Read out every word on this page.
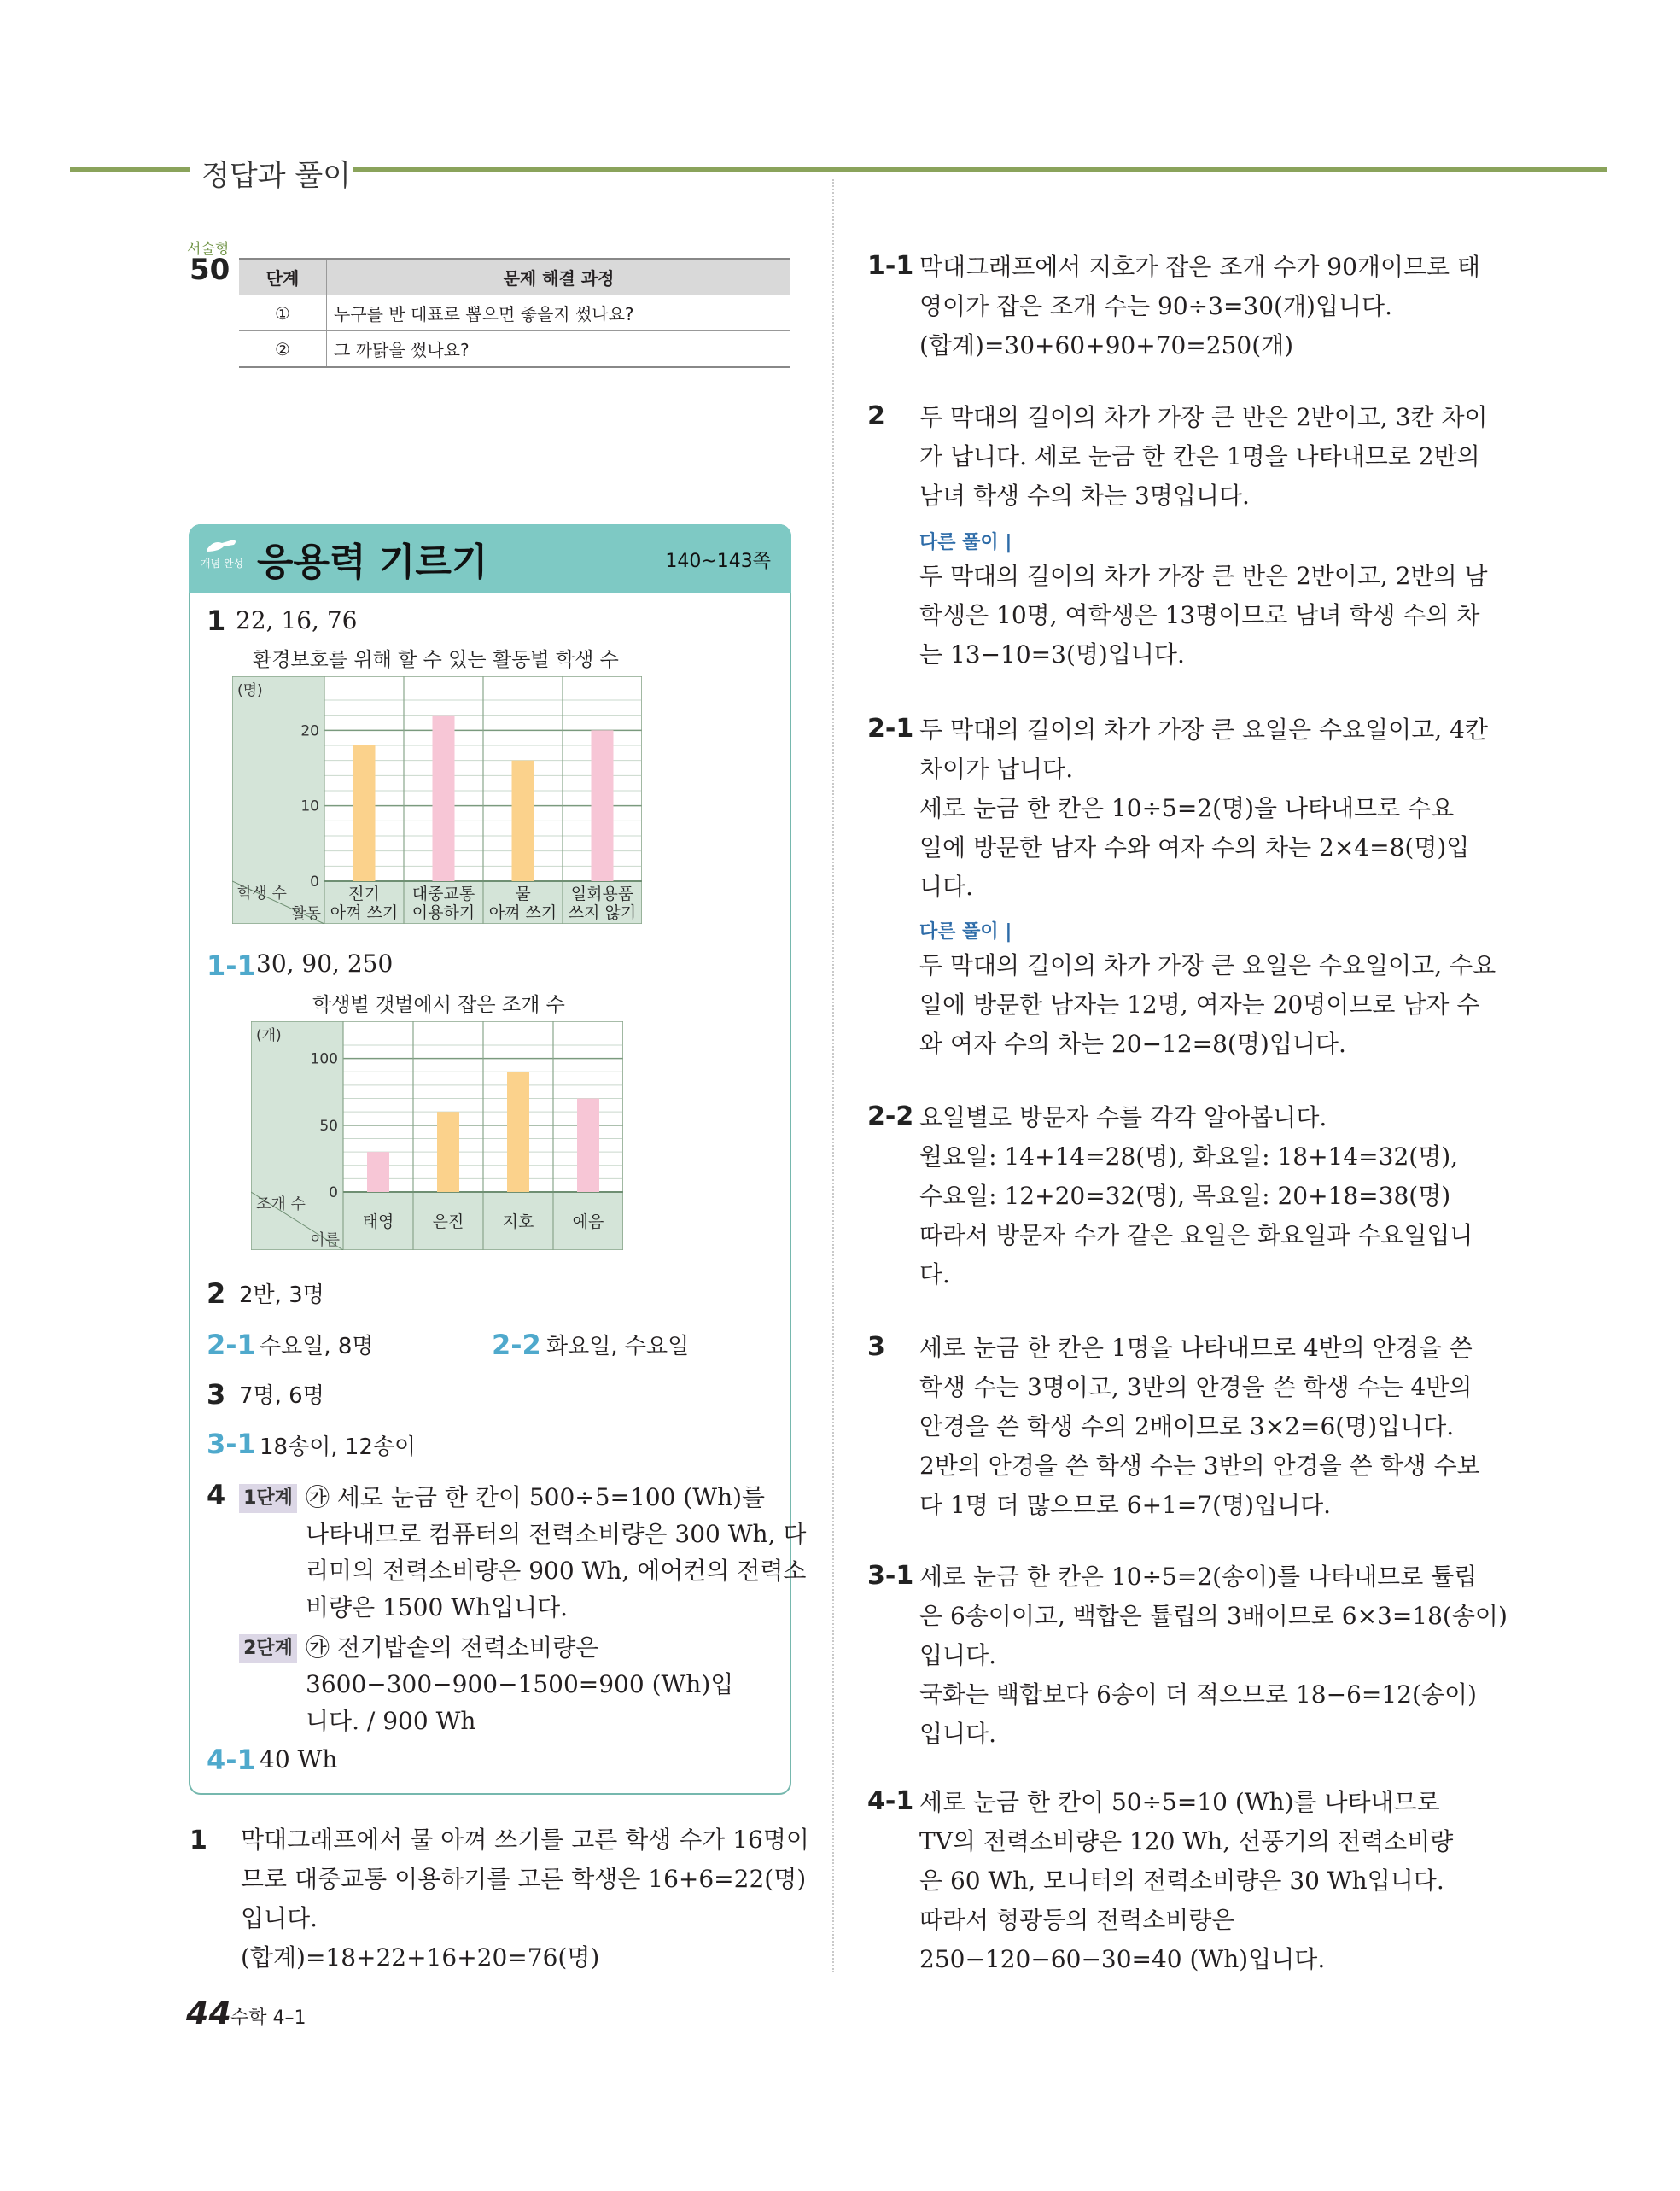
정답과 풀이
서술형
50 단계	문제 해결 과정
①	누구를 반 대표로 뽑으면 좋을지 썼나요?
②	그 까닭을 썼나요?
개념 완성 응용력 기르기	140~143쪽
1 22, 16, 76
환경보호를 위해 할 수 있는 활동별 학생 수
(명)
0
10
20
학생 수
활동
전기
아껴 쓰기
대중교통
이용하기
물
아껴 쓰기
일회용품
쓰지 않기
1-1 30, 90, 250
학생별 갯벌에서 잡은 조개 수
(개)
0
50
100
조개 수
이름
태영 은진 지호 예음
2 2반, 3명
2-1 수요일, 8명	2-2 화요일, 수요일
3 7명, 6명
3-1 18송이, 12송이
4 1단계 ㉮ 세로 눈금 한 칸이 500÷5=100 (Wh)를
나타내므로 컴퓨터의 전력소비량은 300 Wh, 다
리미의 전력소비량은 900 Wh, 에어컨의 전력소
비량은 1500 Wh입니다.
2단계 ㉮ 전기밥솥의 전력소비량은
3600−300−900−1500=900 (Wh)입
니다. / 900 Wh
4-1 40 Wh
1 막대그래프에서 물 아껴 쓰기를 고른 학생 수가 16명이
므로 대중교통 이용하기를 고른 학생은 16+6=22(명)
입니다.
(합계)=18+22+16+20=76(명)
1-1 막대그래프에서 지호가 잡은 조개 수가 90개이므로 태
영이가 잡은 조개 수는 90÷3=30(개)입니다.
(합계)=30+60+90+70=250(개)
2 두 막대의 길이의 차가 가장 큰 반은 2반이고, 3칸 차이
가 납니다. 세로 눈금 한 칸은 1명을 나타내므로 2반의
남녀 학생 수의 차는 3명입니다.
다른 풀이 |
두 막대의 길이의 차가 가장 큰 반은 2반이고, 2반의 남
학생은 10명, 여학생은 13명이므로 남녀 학생 수의 차
는 13−10=3(명)입니다.
2-1 두 막대의 길이의 차가 가장 큰 요일은 수요일이고, 4칸
차이가 납니다.
세로 눈금 한 칸은 10÷5=2(명)을 나타내므로 수요
일에 방문한 남자 수와 여자 수의 차는 2×4=8(명)입
니다.
다른 풀이 |
두 막대의 길이의 차가 가장 큰 요일은 수요일이고, 수요
일에 방문한 남자는 12명, 여자는 20명이므로 남자 수
와 여자 수의 차는 20−12=8(명)입니다.
2-2 요일별로 방문자 수를 각각 알아봅니다.
월요일: 14+14=28(명), 화요일: 18+14=32(명),
수요일: 12+20=32(명), 목요일: 20+18=38(명)
따라서 방문자 수가 같은 요일은 화요일과 수요일입니
다.
3 세로 눈금 한 칸은 1명을 나타내므로 4반의 안경을 쓴
학생 수는 3명이고, 3반의 안경을 쓴 학생 수는 4반의
안경을 쓴 학생 수의 2배이므로 3×2=6(명)입니다.
2반의 안경을 쓴 학생 수는 3반의 안경을 쓴 학생 수보
다 1명 더 많으므로 6+1=7(명)입니다.
3-1 세로 눈금 한 칸은 10÷5=2(송이)를 나타내므로 튤립
은 6송이이고, 백합은 튤립의 3배이므로 6×3=18(송이)
입니다.
국화는 백합보다 6송이 더 적으므로 18−6=12(송이)
입니다.
4-1 세로 눈금 한 칸이 50÷5=10 (Wh)를 나타내므로
TV의 전력소비량은 120 Wh, 선풍기의 전력소비량
은 60 Wh, 모니터의 전력소비량은 30 Wh입니다.
따라서 형광등의 전력소비량은
250−120−60−30=40 (Wh)입니다.
44 수학 4–1
